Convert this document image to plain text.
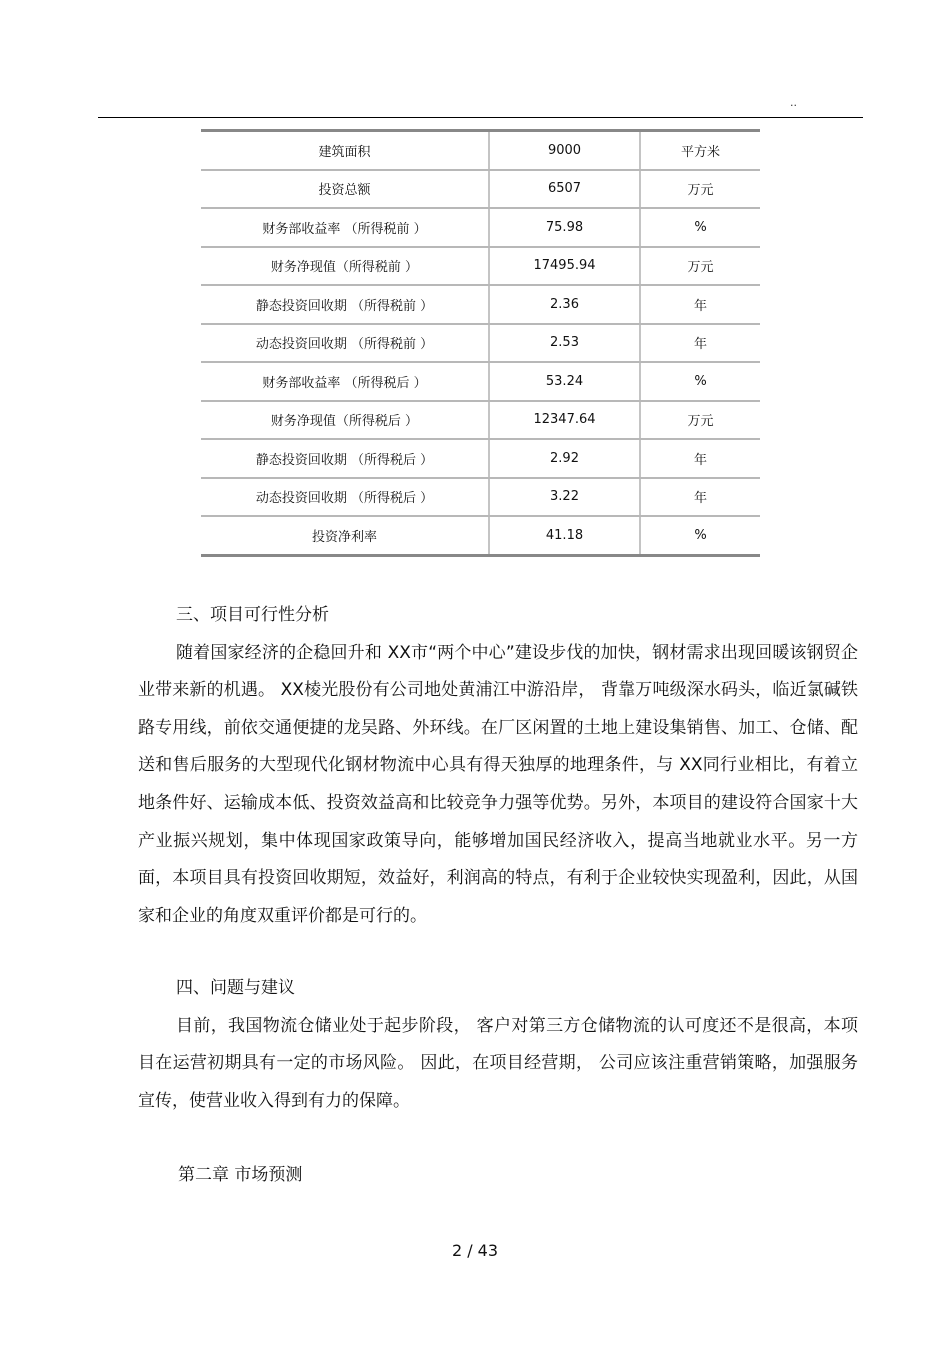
..
建筑面积	9000	平方米
投资总额	6507	万元
财务部收益率 （所得税前 ）	75.98	%
财务净现值（所得税前 ）	17495.94	万元
静态投资回收期 （所得税前 ）	2.36	年
动态投资回收期 （所得税前 ）	2.53	年
财务部收益率 （所得税后 ）	53.24	%
财务净现值（所得税后 ）	12347.64	万元
静态投资回收期 （所得税后 ）	2.92	年
动态投资回收期 （所得税后 ）	3.22	年
投资净利率	41.18	%

三、项目可行性分析

随着国家经济的企稳回升和 XX市“两个中心”建设步伐的加快，钢材需求出现回暖该钢贸企业带来新的机遇。 XX棱光股份有公司地处黄浦江中游沿岸， 背靠万吨级深水码头，临近氯碱铁路专用线，前依交通便捷的龙吴路、外环线。在厂区闲置的土地上建设集销售、加工、仓储、配送和售后服务的大型现代化钢材物流中心具有得天独厚的地理条件，与 XX同行业相比，有着立地条件好、运输成本低、投资效益高和比较竞争力强等优势。另外，本项目的建设符合国家十大产业振兴规划，集中体现国家政策导向，能够增加国民经济收入，提高当地就业水平。另一方面，本项目具有投资回收期短，效益好，利润高的特点，有利于企业较快实现盈利，因此，从国家和企业的角度双重评价都是可行的。

四、问题与建议

目前，我国物流仓储业处于起步阶段， 客户对第三方仓储物流的认可度还不是很高，本项目在运营初期具有一定的市场风险。 因此，在项目经营期， 公司应该注重营销策略，加强服务宣传，使营业收入得到有力的保障。

第二章 市场预测
2 / 43
